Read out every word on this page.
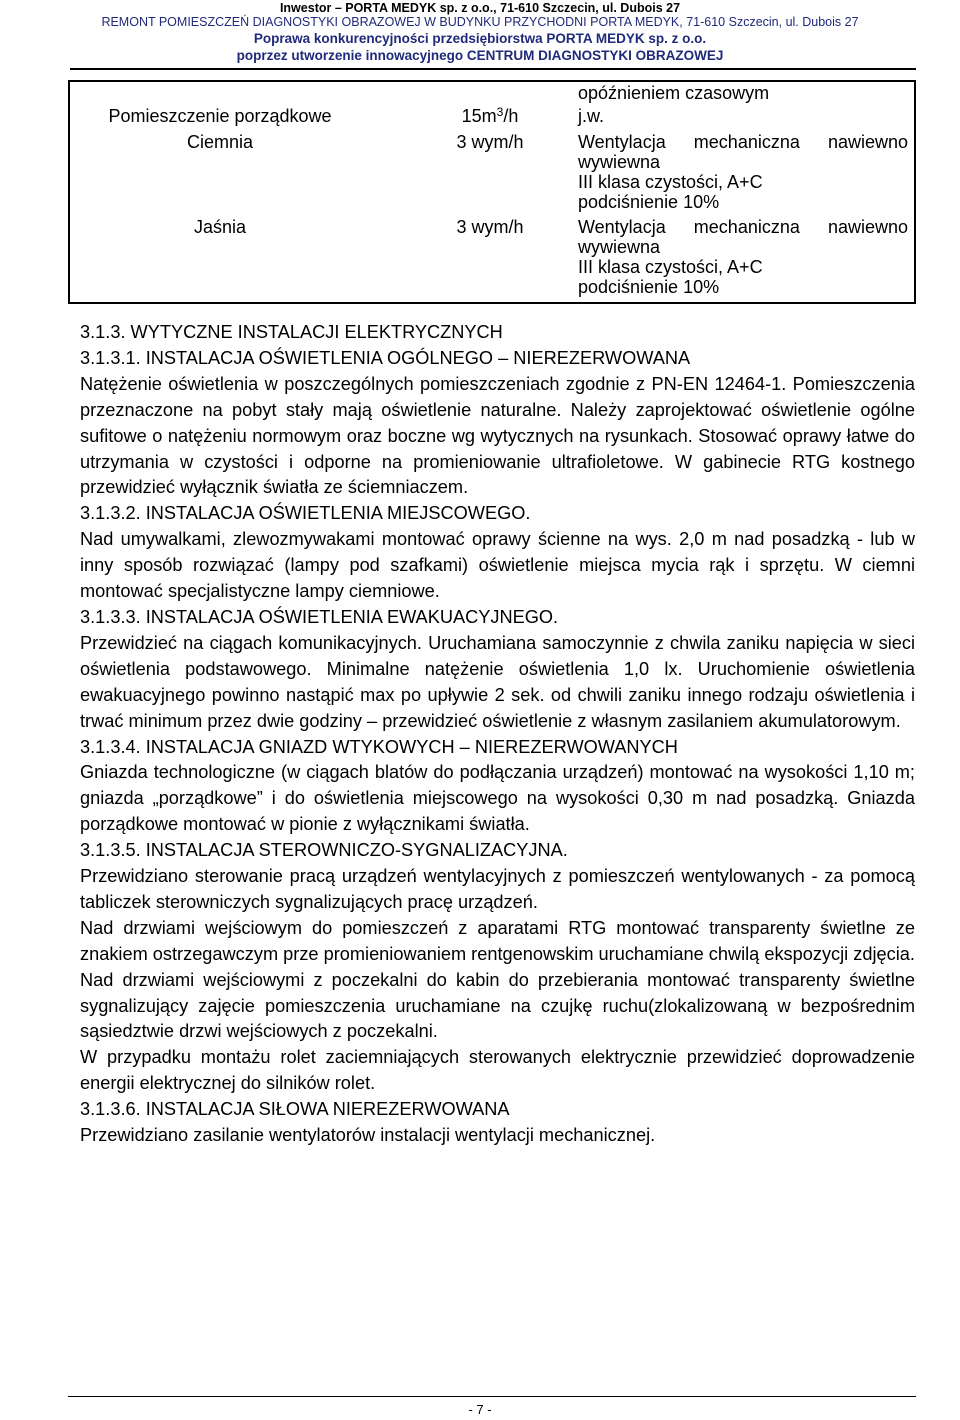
Inwestor – PORTA MEDYK sp. z o.o., 71-610 Szczecin, ul. Dubois 27
REMONT POMIESZCZEŃ DIAGNOSTYKI OBRAZOWEJ W BUDYNKU PRZYCHODNI PORTA MEDYK, 71-610 Szczecin, ul. Dubois 27
Poprawa konkurencyjności przedsiębiorstwa PORTA MEDYK sp. z o.o.
poprzez utworzenie innowacyjnego CENTRUM DIAGNOSTYKI OBRAZOWEJ
opóźnieniem czasowym
Pomieszczenie porządkowe	$15m^3/h$	j.w.
Ciemnia	3 wym/h	Wentylacja mechaniczna nawiewno
wywiewna
III klasa czystości, A+C
podciśnienie 10%
Jaśnia	3 wym/h	Wentylacja mechaniczna nawiewno
wywiewna
III klasa czystości, A+C
podciśnienie 10%

3.1.3. WYTYCZNE INSTALACJI ELEKTRYCZNYCH

3.1.3.1. INSTALACJA OŚWIETLENIA OGÓLNEGO – NIEREZERWOWANA

Natężenie oświetlenia w poszczególnych pomieszczeniach zgodnie z PN-EN 12464-1. Pomieszczenia przeznaczone na pobyt stały mają oświetlenie naturalne. Należy zaprojektować oświetlenie ogólne sufitowe o natężeniu normowym oraz boczne wg wytycznych na rysunkach. Stosować oprawy łatwe do utrzymania w czystości i odporne na promieniowanie ultrafioletowe. W gabinecie RTG kostnego przewidzieć wyłącznik światła ze ściemniaczem.

3.1.3.2. INSTALACJA OŚWIETLENIA MIEJSCOWEGO.

Nad umywalkami, zlewozmywakami montować oprawy ścienne na wys. 2,0 m nad posadzką - lub w inny sposób rozwiązać (lampy pod szafkami) oświetlenie miejsca mycia rąk i sprzętu. W ciemni montować specjalistyczne lampy ciemniowe.

3.1.3.3. INSTALACJA OŚWIETLENIA EWAKUACYJNEGO.

Przewidzieć na ciągach komunikacyjnych. Uruchamiana samoczynnie z chwila zaniku napięcia w sieci oświetlenia podstawowego. Minimalne natężenie oświetlenia 1,0 lx. Uruchomienie oświetlenia ewakuacyjnego powinno nastąpić max po upływie 2 sek. od chwili zaniku innego rodzaju oświetlenia i trwać minimum przez dwie godziny – przewidzieć oświetlenie z własnym zasilaniem akumulatorowym.

3.1.3.4. INSTALACJA GNIAZD WTYKOWYCH – NIEREZERWOWANYCH

Gniazda technologiczne (w ciągach blatów do podłączania urządzeń) montować na wysokości 1,10 m; gniazda „porządkowe” i do oświetlenia miejscowego na wysokości 0,30 m nad posadzką. Gniazda porządkowe montować w pionie z wyłącznikami światła.

3.1.3.5. INSTALACJA STEROWNICZO-SYGNALIZACYJNA.

Przewidziano sterowanie pracą urządzeń wentylacyjnych z pomieszczeń wentylowanych - za pomocą tabliczek sterowniczych sygnalizujących pracę urządzeń.

Nad drzwiami wejściowym do pomieszczeń z aparatami RTG montować transparenty świetlne ze znakiem ostrzegawczym prze promieniowaniem rentgenowskim uruchamiane chwilą ekspozycji zdjęcia.

Nad drzwiami wejściowymi z poczekalni do kabin do przebierania montować transparenty świetlne sygnalizujący zajęcie pomieszczenia uruchamiane na czujkę ruchu(zlokalizowaną w bezpośrednim sąsiedztwie drzwi wejściowych z poczekalni.

W przypadku montażu rolet zaciemniających sterowanych elektrycznie przewidzieć doprowadzenie energii elektrycznej do silników rolet.

3.1.3.6. INSTALACJA SIŁOWA NIEREZERWOWANA

Przewidziano zasilanie wentylatorów instalacji wentylacji mechanicznej.

- 7 -
